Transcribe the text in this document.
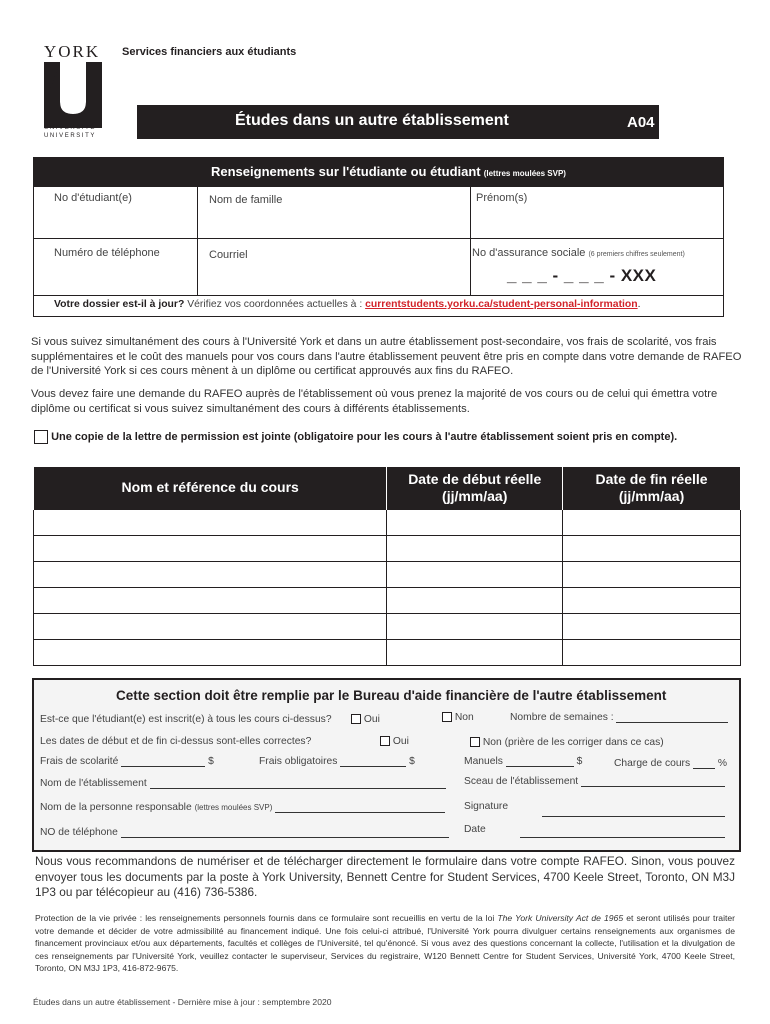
YORK
UNIVERSITÉ
UNIVERSITY
Services financiers aux étudiants
Études dans un autre établissement	A04
Renseignements sur l'étudiante ou étudiant (lettres moulées SVP)
No d'étudiant(e)	Nom de famille	Prénom(s)
Numéro de téléphone	Courriel	No d'assurance sociale (6 premiers chiffres seulement)
_ _ _ - _ _ _ - XXX
Votre dossier est-il à jour? Vérifiez vos coordonnées actuelles à : currentstudents.yorku.ca/student-personal-information.
Si vous suivez simultanément des cours à l'Université York et dans un autre établissement post-secondaire, vos frais de scolarité, vos frais supplémentaires et le coût des manuels pour vos cours dans l'autre établissement peuvent être pris en compte dans votre demande de RAFEO de l'Université York si ces cours mènent à un diplôme ou certificat approuvés aux fins du RAFEO.
Vous devez faire une demande du RAFEO auprès de l'établissement où vous prenez la majorité de vos cours ou de celui qui émettra votre diplôme ou certificat si vous suivez simultanément des cours à différents établissements.
Une copie de la lettre de permission est jointe (obligatoire pour les cours à l'autre établissement soient pris en compte).
Nom et référence du cours	Date de début réelle (jj/mm/aa)	Date de fin réelle (jj/mm/aa)

Cette section doit être remplie par le Bureau d'aide financière de l'autre établissement
Est-ce que l'étudiant(e) est inscrit(e) à tous les cours ci-dessus?	Oui	Non	Nombre de semaines :
Les dates de début et de fin ci-dessus sont-elles correctes?	Oui	Non (prière de les corriger dans ce cas)
Frais de scolarité	$	Frais obligatoires	$	Manuels	$	Charge de cours	%
Nom de l'établissement	Sceau de l'établissement
Nom de la personne responsable (lettres moulées SVP)	Signature
NO de téléphone	Date
Nous vous recommandons de numériser et de télécharger directement le formulaire dans votre compte RAFEO. Sinon, vous pouvez envoyer tous les documents par la poste à York University, Bennett Centre for Student Services, 4700 Keele Street, Toronto, ON M3J 1P3 ou par télécopieur au (416) 736-5386.
Protection de la vie privée : les renseignements personnels fournis dans ce formulaire sont recueillis en vertu de la loi The York University Act de 1965 et seront utilisés pour traiter votre demande et décider de votre admissibilité au financement indiqué. Une fois celui-ci attribué, l'Université York pourra divulguer certains renseignements aux organismes de financement provinciaux et/ou aux départements, facultés et collèges de l'Université, tel qu'énoncé. Si vous avez des questions concernant la collecte, l'utilisation et la divulgation de ces renseignements par l'Université York, veuillez contacter le superviseur, Services du registraire, W120 Bennett Centre for Student Services, Université York, 4700 Keele Street, Toronto, ON M3J 1P3, 416-872-9675.
Études dans un autre établissement - Dernière mise à jour : semptembre 2020
